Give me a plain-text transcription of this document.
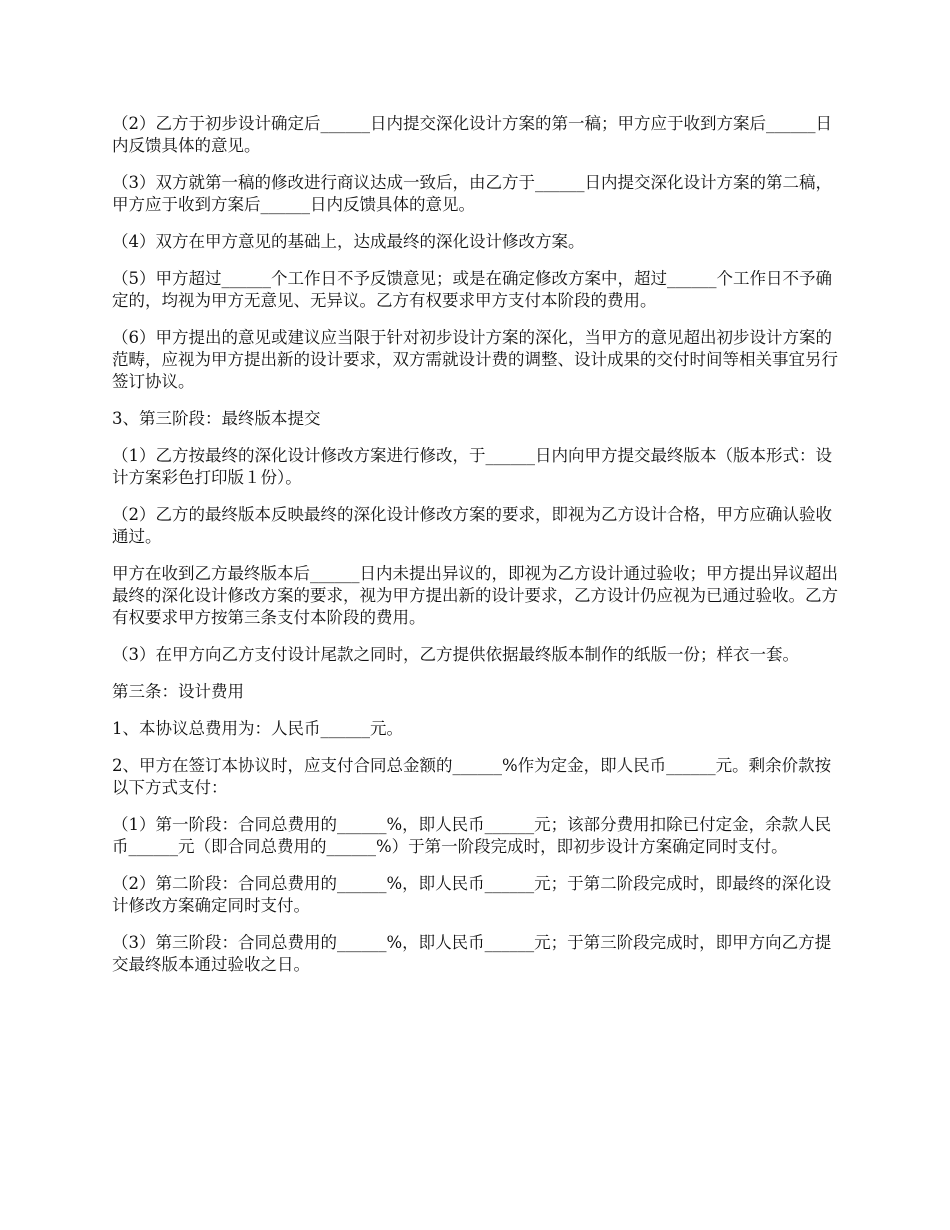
（2）乙方于初步设计确定后______日内提交深化设计方案的第一稿；甲方应于收到方案后______日内反馈具体的意见。

（3）双方就第一稿的修改进行商议达成一致后，由乙方于______日内提交深化设计方案的第二稿，甲方应于收到方案后______日内反馈具体的意见。

（4）双方在甲方意见的基础上，达成最终的深化设计修改方案。

（5）甲方超过______个工作日不予反馈意见；或是在确定修改方案中，超过______个工作日不予确定的，均视为甲方无意见、无异议。乙方有权要求甲方支付本阶段的费用。

（6）甲方提出的意见或建议应当限于针对初步设计方案的深化，当甲方的意见超出初步设计方案的范畴，应视为甲方提出新的设计要求，双方需就设计费的调整、设计成果的交付时间等相关事宜另行签订协议。

3、第三阶段：最终版本提交

（1）乙方按最终的深化设计修改方案进行修改，于______日内向甲方提交最终版本（版本形式：设计方案彩色打印版１份）。

（2）乙方的最终版本反映最终的深化设计修改方案的要求，即视为乙方设计合格，甲方应确认验收通过。

甲方在收到乙方最终版本后______日内未提出异议的，即视为乙方设计通过验收；甲方提出异议超出最终的深化设计修改方案的要求，视为甲方提出新的设计要求，乙方设计仍应视为已通过验收。乙方有权要求甲方按第三条支付本阶段的费用。

（3）在甲方向乙方支付设计尾款之同时，乙方提供依据最终版本制作的纸版一份；样衣一套。

第三条：设计费用

1、本协议总费用为：人民币______元。

2、甲方在签订本协议时，应支付合同总金额的______%作为定金，即人民币______元。剩余价款按以下方式支付：

（1）第一阶段：合同总费用的______%，即人民币______元；该部分费用扣除已付定金，余款人民币______元（即合同总费用的______%）于第一阶段完成时，即初步设计方案确定同时支付。

（2）第二阶段：合同总费用的______%，即人民币______元；于第二阶段完成时，即最终的深化设计修改方案确定同时支付。

（3）第三阶段：合同总费用的______%，即人民币______元；于第三阶段完成时，即甲方向乙方提交最终版本通过验收之日。
